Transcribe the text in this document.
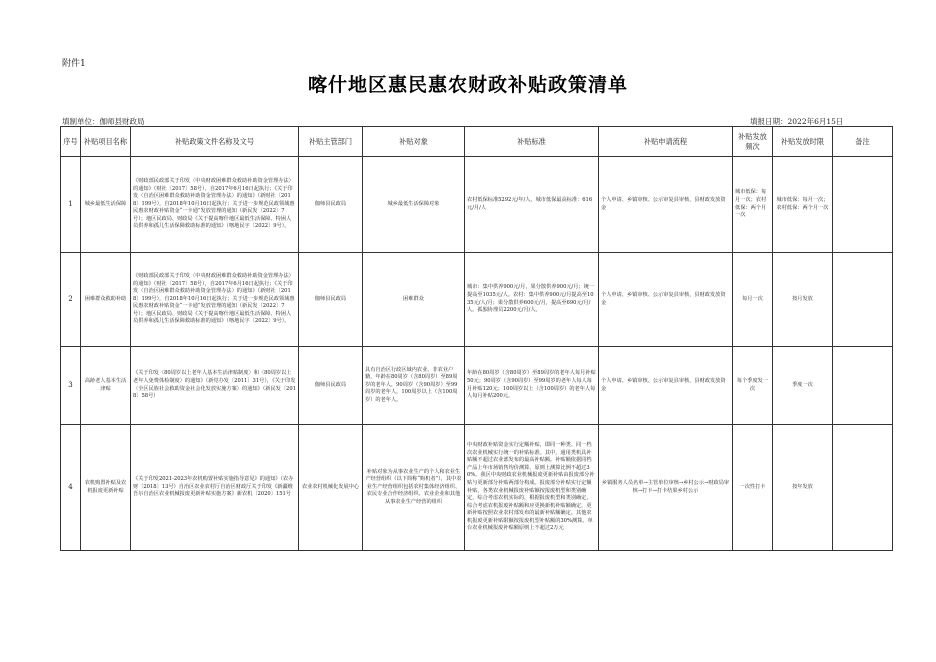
附件1
喀什地区惠民惠农财政补贴政策清单
填制单位：伽师县财政局	填报日期：2022年6月15日
序号	补贴项目名称	补贴政策文件名称及文号	补贴主管部门	补贴对象	补贴标准	补贴申请流程	补贴发放频次	补贴发放时限	备注
1	城乡最低生活保障	《财政部民政部关于印发〈中央财政困难群众救助补助资金管理办法〉的通知》（财社〔2017〕58号），自2017年6月16日起执行；《关于印发〈自治区困难群众救助补助资金管理办法〉的通知》（新财社〔2018〕199号），自2018年10月16日起执行；关于进一步规范民政领域惠民惠农财政补贴资金“一卡通”发放管理的通知（新民发〔2022〕7号）；地区民政局、财政局《关于提高喀什地区最低生活保障、特困人员供养和孤儿生活保障救助标准的通知》（喀地民字〔2022〕9号）。	伽师县民政局	城乡最低生活保障对象	农村低保标准5292元/年/人，城市低保最高标准：616元/月/人	个人申请、乡镇审核、公示审复县审核，县财政发放资金	城市低保：每月一次；农村低保：两个月一次	城市低保：每月一次；农村低保：两个月一次	
2	困难群众救助补助	《财政部民政部关于印发〈中央财政困难群众救助补助资金管理办法〉的通知》（财社〔2017〕58号），自2017年6月16日起执行；《关于印发〈自治区困难群众救助补助资金管理办法〉的通知》（新财社〔2018〕199号），自2018年10月16日起执行；关于进一步规范民政领域惠民惠农财政补贴资金“一卡通”发放管理的通知（新民发〔2022〕7号）；地区民政局、财政局《关于提高喀什地区最低生活保障、特困人员供养和孤儿生活保障救助标准的通知》（喀地民字〔2022〕9号）。	伽师县民政局	困难群众	城市：集中供养900元/月，果分散供养900元/月；统一提高至1035元/人。农村：集中供养900元/月提高至1035元/人/月；果分散供养600元/月，提高至690元/月/人。孤独协理员2200元/月/人。	个人申请、乡镇审核、公示审复县审核，县财政发放资金	每月一次	按月发放	
3	高龄老人基本生活津贴	《关于印发〈80周岁以上老年人基本生活津贴制度〉和〈80周岁以上老年人免费体检制度〉的通知》（新党办发〔2011〕31号），《关于印发〈全区民族社会救助资金社会化发放实施方案〉的通知》（新民发〔2018〕58号）	伽师县民政局	具有自治区行政区域内农业、非农业户籍，年龄在80周岁（含80周岁）至89周岁的老年人，90周岁（含90周岁）至99周岁的老年人，100周岁以上（含100周岁）的老年人。	年龄在80周岁（含80周岁）至89周岁的老年人每月补贴50元；90周岁（含90周岁）至99周岁的老年人每人每月补贴120元；100周岁以上（含100周岁）的老年人每人每月补贴200元。	个人申请、乡镇审核、公示审复县审核，县财政发放资金	每个季度发一次	季度一次	
4	农机购置补贴及农机报废更新补贴	《关于印发2021-2023年农机购置补贴实施指导意见》的通知》（农办财〔2018〕13号）自治区农业农村厅自治区财政厅关于印发《新疆维吾尔自治区农业机械报废更新补贴实施方案》新农机〔2020〕151号	农业农村机械化发展中心	补贴对象为从事农业生产的个人和农业生产经营组织（以下简称“购机者”），其中农业生产经营组织包括农村集体经济组织、农民专业合作经济组织、农业企业和其他从事农业生产经营的组织	中央财政补贴资金实行定额补贴，即同一种类、同一档次农业机械实行统一的补贴标准。其中，通用类机具补贴额不超过农业部发布的最高补贴额。补贴额依据同档产品上年市场销售均价测算，原则上测算比例不超过30%。我区中央财政农业机械报废更新补贴由报废部分补贴与更新部分补贴两部分构成。报废部分补贴实行定额补贴，各类农业机械报废补贴额按报废机型和类别确定，综合考虑农机实际的，根据报废机型和类别确定，综合考虑农机报废补贴额和应更换新机补贴额确定，更新补贴按照农业农村部发布的最新补贴额确定。其他农机报废更新补贴限额按报废机型补贴额的30%测算。单台农业机械报废补贴额原则上不超过2万元	乡镇服务人员名单→主管单位审核→乡村公示→财政局审核→打卡→打卡结果乡村公示	一次性打卡	按年发放	
